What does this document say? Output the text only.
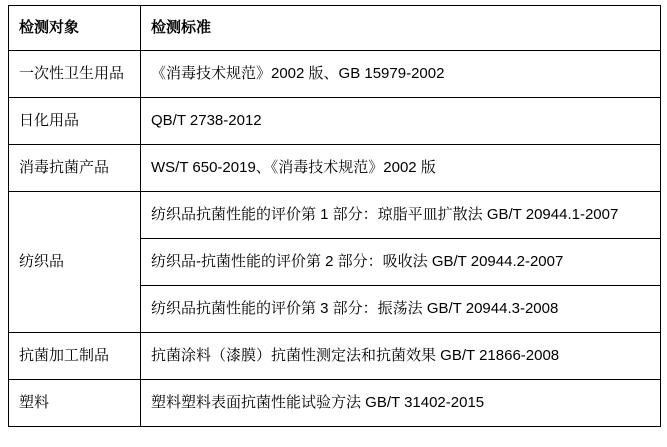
检测对象	检测标准
一次性卫生用品	《消毒技术规范》2002 版、GB 15979-2002
日化用品	QB/T 2738-2012
消毒抗菌产品	WS/T 650-2019、《消毒技术规范》2002 版
纺织品	纺织品抗菌性能的评价第 1 部分：琼脂平皿扩散法 GB/T 20944.1-2007
	纺织品-抗菌性能的评价第 2 部分：吸收法 GB/T 20944.2-2007
	纺织品抗菌性能的评价第 3 部分：振荡法 GB/T 20944.3-2008
抗菌加工制品	抗菌涂料（漆膜）抗菌性测定法和抗菌效果 GB/T 21866-2008
塑料	塑料塑料表面抗菌性能试验方法 GB/T 31402-2015
